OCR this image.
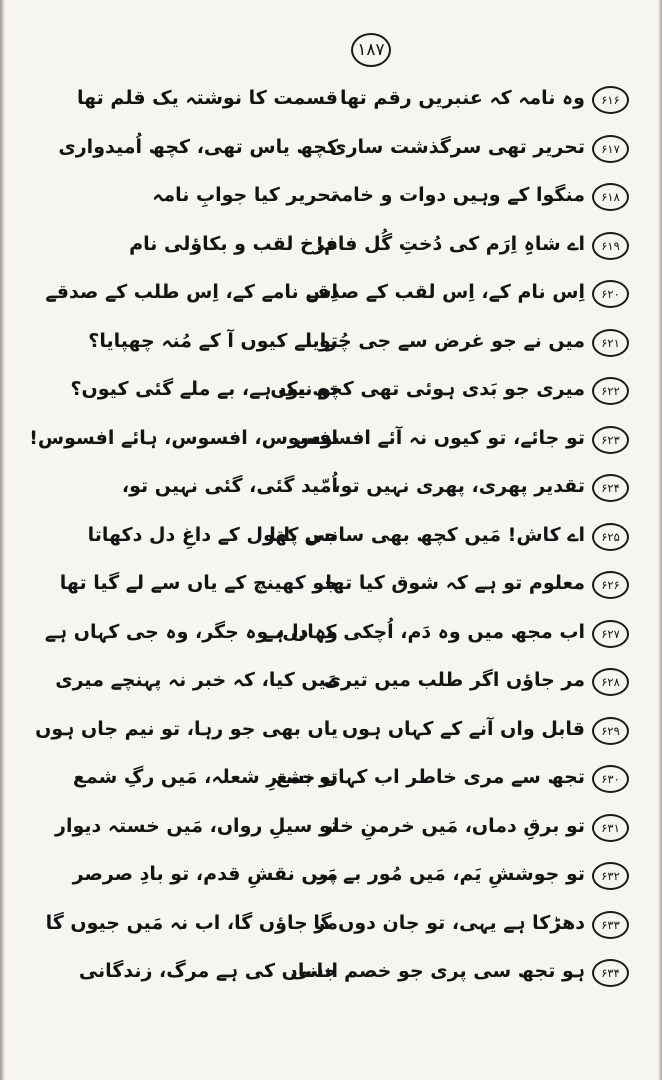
۱۸۷
۶۱۶
وہ نامہ کہ عنبریں رقم تھا
قسمت کا نوشتہ یک قلم تھا
۶۱۷
تحریر تھی سرگذشت ساری
کچھ یاس تھی، کچھ اُمیدواری
۶۱۸
منگوا کے وہیں دوات و خامہ
تحریر کیا جوابِ نامہ
۶۱۹
اے شاہِ اِرَم کی دُختِ گُل فام!
فرخ لقب و بکاؤلی نام
۶۲۰
اِس نام کے، اِس لقب کے صدقے
اِس نامے کے، اِس طلب کے صدقے
۶۲۱
میں نے جو غرض سے جی چُرایا
تو نے کیوں آ کے مُنہ چھپایا؟
۶۲۲
میری جو بَدی ہوئی تھی کچھ یوں
تو نیک ہے، بے ملے گئی کیوں؟
۶۲۳
تو جائے، تو کیوں نہ آئے افسوس
افسوس، افسوس، ہائے افسوس!
۶۲۴
تقدیر پھری، پھری نہیں تو،
اُمّید گئی، گئی نہیں تو،
۶۲۵
اے کاش! مَیں کچھ بھی سانس پاتا
جی کھول کے داغِ دل دکھاتا
۶۲۶
معلوم تو ہے کہ شوق کیا تھا
جو کھینچ کے یاں سے لے گیا تھا
۶۲۷
اب مجھ میں وہ دَم، اُچکی کہاں ہے
وہ دل، وہ جگر، وہ جی کہاں ہے
۶۲۸
مر جاؤں اگر طلب میں تیری
مَیں کیا، کہ خبر نہ پہنچے میری
۶۲۹
قابل واں آنے کے کہاں ہوں
یاں بھی جو رہا، تو نیم جاں ہوں
۶۳۰
تجھ سے مری خاطر اب کہاں جمع
تو نشترِ شعلہ، مَیں رگِ شمع
۶۳۱
تو برقِ دماں، مَیں خرمنِ خار
تو سیلِ رواں، مَیں خستہ دیوار
۶۳۲
تو جوششِ یَم، مَیں مُور بے پر
مَیں نقشِ قدم، تو بادِ صرصر
۶۳۳
دھڑکا ہے یہی، تو جان دوں گا
مر جاؤں گا، اب نہ مَیں جیوں گا
۶۳۴
ہو تجھ سی پری جو خصم جانی
انساں کی ہے مرگ، زندگانی
